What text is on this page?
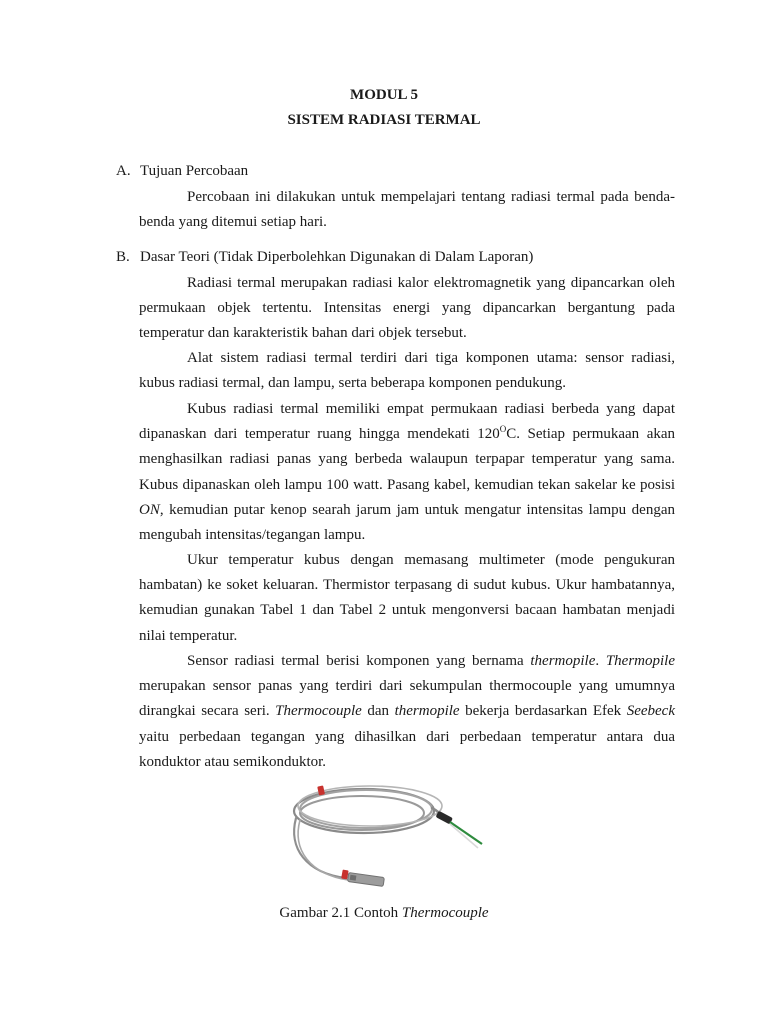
MODUL 5
SISTEM RADIASI TERMAL
A. Tujuan Percobaan

Percobaan ini dilakukan untuk mempelajari tentang radiasi termal pada benda-benda yang ditemui setiap hari.

B. Dasar Teori (Tidak Diperbolehkan Digunakan di Dalam Laporan)

Radiasi termal merupakan radiasi kalor elektromagnetik yang dipancarkan oleh permukaan objek tertentu. Intensitas energi yang dipancarkan bergantung pada temperatur dan karakteristik bahan dari objek tersebut.

Alat sistem radiasi termal terdiri dari tiga komponen utama: sensor radiasi, kubus radiasi termal, dan lampu, serta beberapa komponen pendukung.

Kubus radiasi termal memiliki empat permukaan radiasi berbeda yang dapat dipanaskan dari temperatur ruang hingga mendekati $120^OC$. Setiap permukaan akan menghasilkan radiasi panas yang berbeda walaupun terpapar temperatur yang sama. Kubus dipanaskan oleh lampu 100 watt. Pasang kabel, kemudian tekan sakelar ke posisi ON, kemudian putar kenop searah jarum jam untuk mengatur intensitas lampu dengan mengubah intensitas/tegangan lampu.

Ukur temperatur kubus dengan memasang multimeter (mode pengukuran hambatan) ke soket keluaran. Thermistor terpasang di sudut kubus. Ukur hambatannya, kemudian gunakan Tabel 1 dan Tabel 2 untuk mengonversi bacaan hambatan menjadi nilai temperatur.

Sensor radiasi termal berisi komponen yang bernama thermopile. Thermopile merupakan sensor panas yang terdiri dari sekumpulan thermocouple yang umumnya dirangkai secara seri. Thermocouple dan thermopile bekerja berdasarkan Efek Seebeck yaitu perbedaan tegangan yang dihasilkan dari perbedaan temperatur antara dua konduktor atau semikonduktor.

Gambar 2.1 Contoh Thermocouple
